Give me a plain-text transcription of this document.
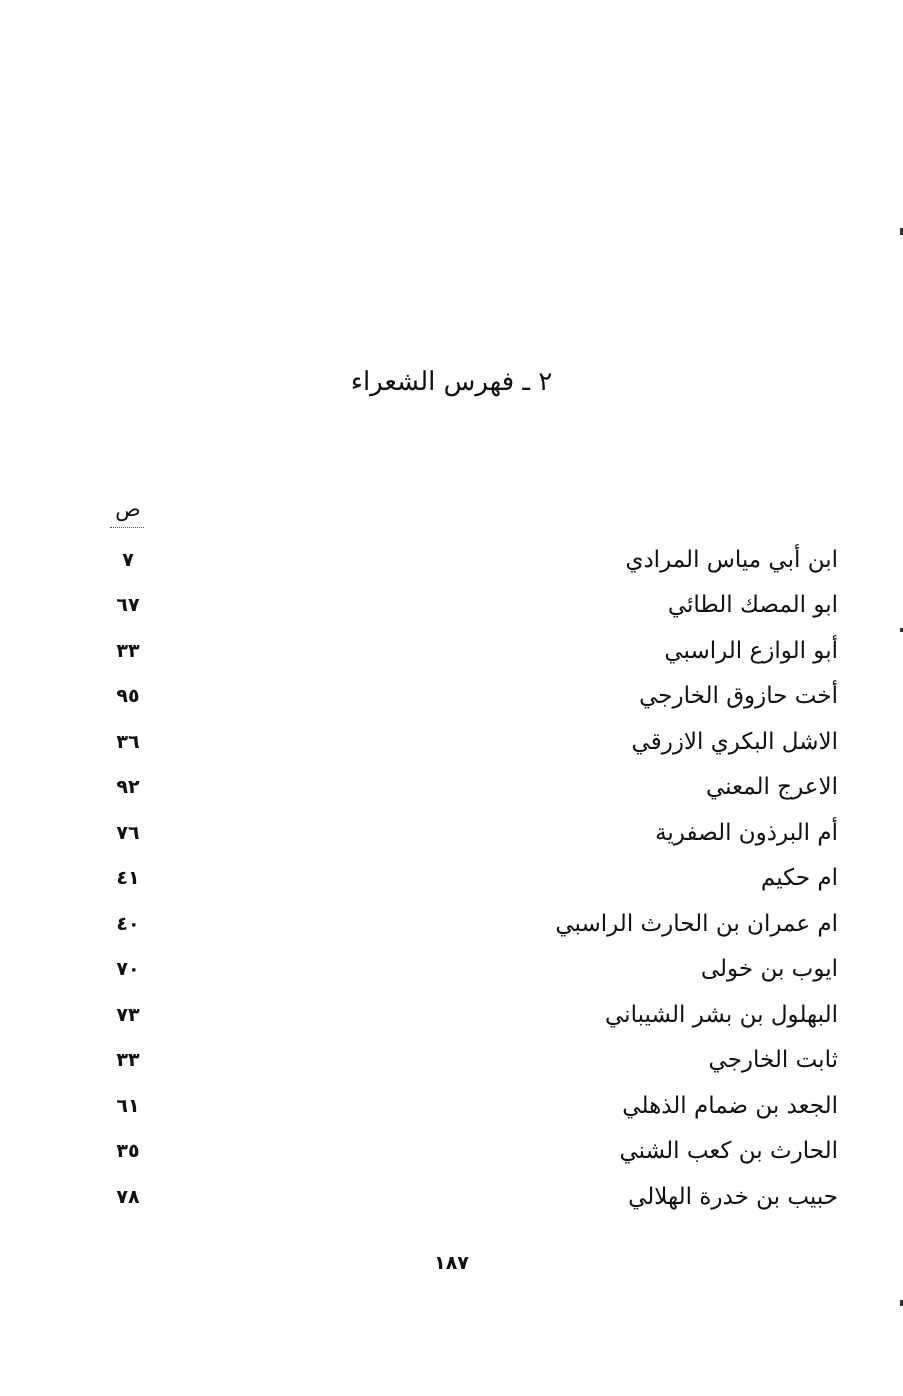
٢ ـ فهرس الشعراء
ص
٧	ابن أبي مياس المرادي
٦٧	ابو المصك الطائي
٣٣	أبو الوازع الراسبي
٩٥	أخت حازوق الخارجي
٣٦	الاشل البكري الازرقي
٩٢	الاعرج المعني
٧٦	أم البرذون الصفرية
٤١	ام حكيم
٤٠	ام عمران بن الحارث الراسبي
٧٠	ايوب بن خولى
٧٣	البهلول بن بشر الشيباني
٣٣	ثابت الخارجي
٦١	الجعد بن ضمام الذهلي
٣٥	الحارث بن كعب الشني
٧٨	حبيب بن خدرة الهلالي
١٨٧
